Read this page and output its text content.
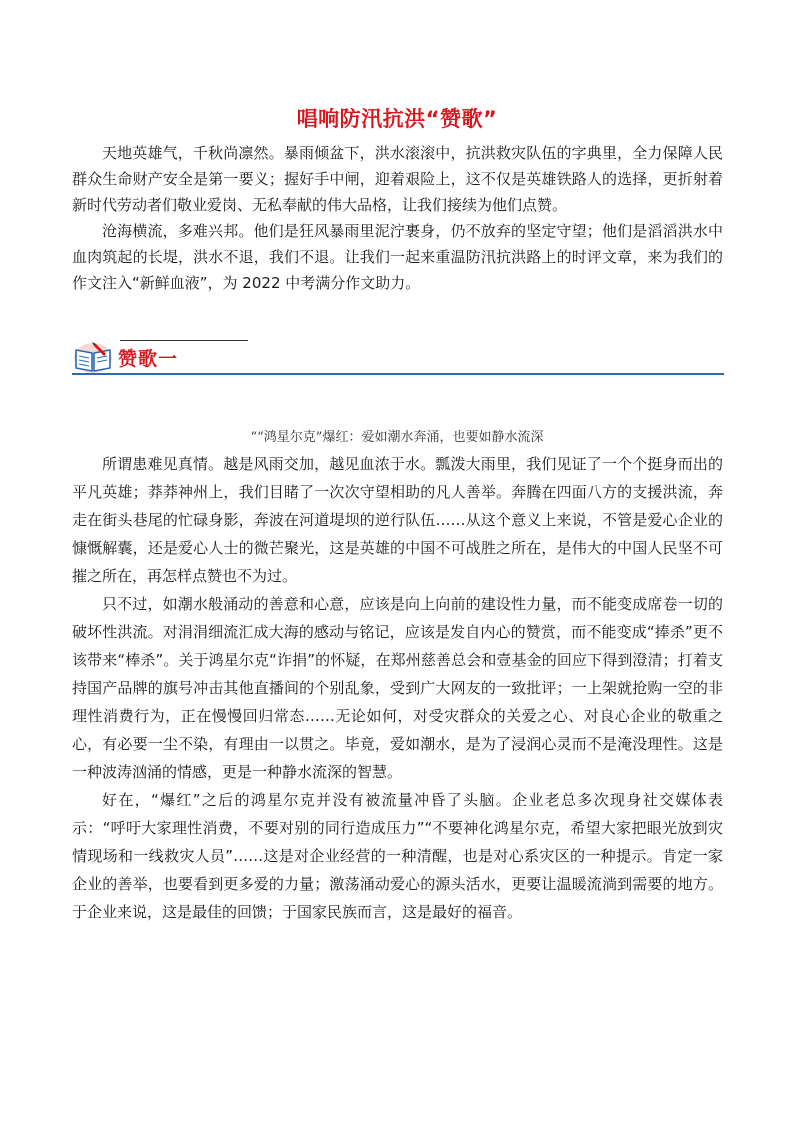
唱响防汛抗洪“赞歌”

天地英雄气，千秋尚凛然。暴雨倾盆下，洪水滚滚中，抗洪救灾队伍的字典里，全力保障人民群众生命财产安全是第一要义；握好手中闸，迎着艰险上，这不仅是英雄铁路人的选择，更折射着新时代劳动者们敬业爱岗、无私奉献的伟大品格，让我们接续为他们点赞。

沧海横流，多难兴邦。他们是狂风暴雨里泥泞裹身，仍不放弃的坚定守望；他们是滔滔洪水中血肉筑起的长堤，洪水不退，我们不退。让我们一起来重温防汛抗洪路上的时评文章，来为我们的作文注入“新鲜血液”，为 2022 中考满分作文助力。

赞歌一

““鸿星尔克”爆红：爱如潮水奔涌，也要如静水流深

所谓患难见真情。越是风雨交加，越见血浓于水。瓢泼大雨里，我们见证了一个个挺身而出的平凡英雄；莽莽神州上，我们目睹了一次次守望相助的凡人善举。奔腾在四面八方的支援洪流，奔走在街头巷尾的忙碌身影，奔波在河道堤坝的逆行队伍……从这个意义上来说，不管是爱心企业的慷慨解囊，还是爱心人士的微芒聚光，这是英雄的中国不可战胜之所在，是伟大的中国人民坚不可摧之所在，再怎样点赞也不为过。

只不过，如潮水般涌动的善意和心意，应该是向上向前的建设性力量，而不能变成席卷一切的破坏性洪流。对涓涓细流汇成大海的感动与铭记，应该是发自内心的赞赏，而不能变成“捧杀”更不该带来“棒杀”。关于鸿星尔克“诈捐”的怀疑，在郑州慈善总会和壹基金的回应下得到澄清；打着支持国产品牌的旗号冲击其他直播间的个别乱象，受到广大网友的一致批评；一上架就抢购一空的非理性消费行为，正在慢慢回归常态……无论如何，对受灾群众的关爱之心、对良心企业的敬重之心，有必要一尘不染，有理由一以贯之。毕竟，爱如潮水，是为了浸润心灵而不是淹没理性。这是一种波涛汹涌的情感，更是一种静水流深的智慧。

好在，“爆红”之后的鸿星尔克并没有被流量冲昏了头脑。企业老总多次现身社交媒体表示：“呼吁大家理性消费，不要对别的同行造成压力”“不要神化鸿星尔克，希望大家把眼光放到灾情现场和一线救灾人员”……这是对企业经营的一种清醒，也是对心系灾区的一种提示。肯定一家企业的善举，也要看到更多爱的力量；激荡涌动爱心的源头活水，更要让温暖流淌到需要的地方。于企业来说，这是最佳的回馈；于国家民族而言，这是最好的福音。
